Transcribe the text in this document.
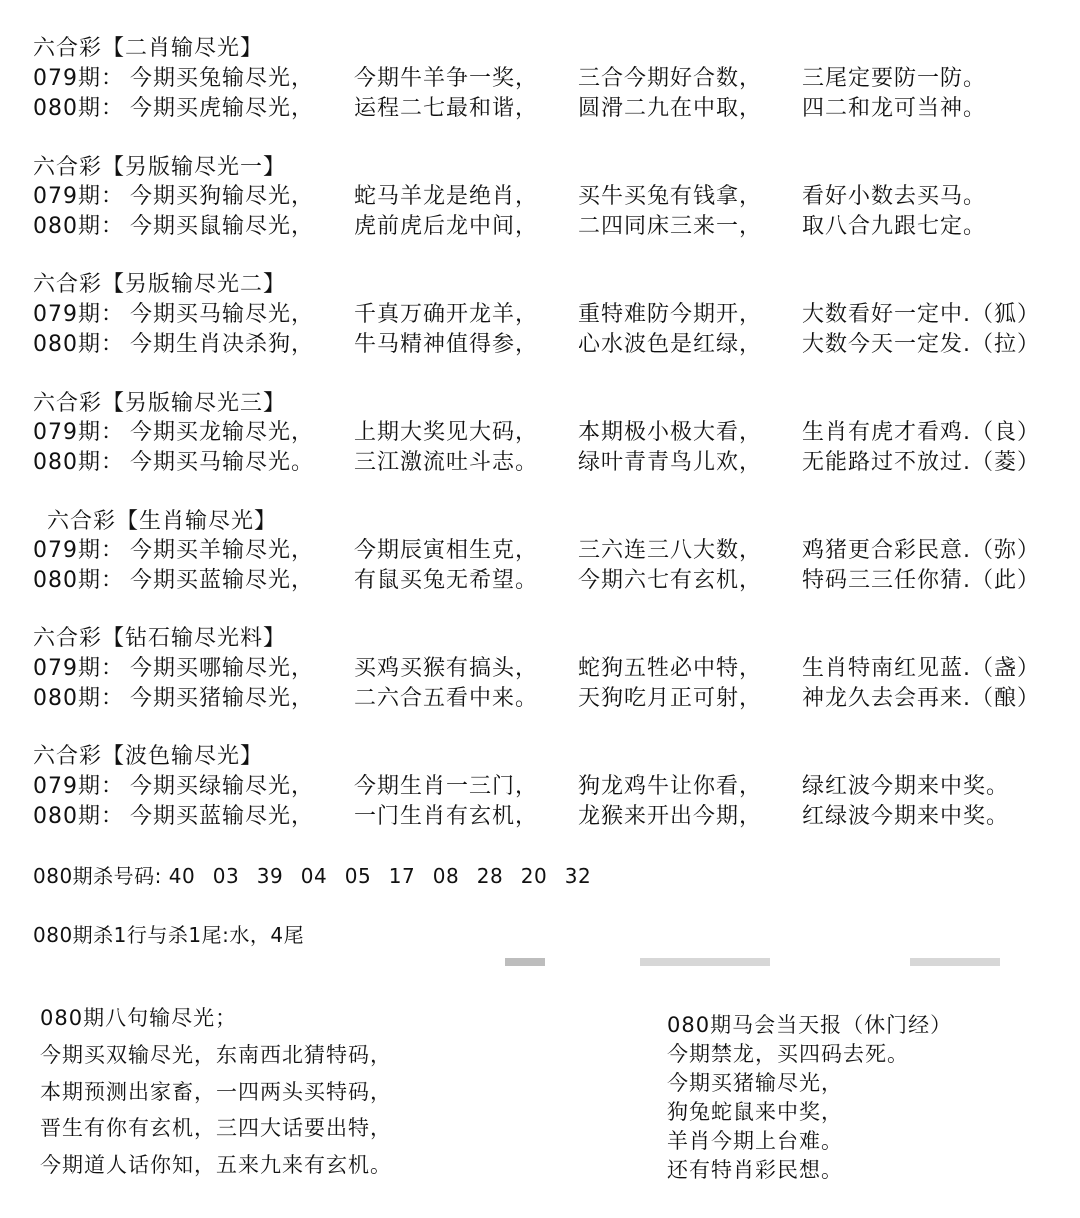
六合彩【二肖输尽光】
079期： 今期买兔输尽光， 今期牛羊争一奖， 三合今期好合数， 三尾定要防一防。
080期： 今期买虎输尽光， 运程二七最和谐， 圆滑二九在中取， 四二和龙可当神。
六合彩【另版输尽光一】
079期： 今期买狗输尽光， 蛇马羊龙是绝肖， 买牛买兔有钱拿， 看好小数去买马。
080期： 今期买鼠输尽光， 虎前虎后龙中间， 二四同床三来一， 取八合九跟七定。
六合彩【另版输尽光二】
079期： 今期买马输尽光， 千真万确开龙羊， 重特难防今期开， 大数看好一定中.（狐）
080期： 今期生肖决杀狗， 牛马精神值得参， 心水波色是红绿， 大数今天一定发.（拉）
六合彩【另版输尽光三】
079期： 今期买龙输尽光， 上期大奖见大码， 本期极小极大看， 生肖有虎才看鸡.（良）
080期： 今期买马输尽光。 三江激流吐斗志。 绿叶青青鸟儿欢， 无能路过不放过.（菱）
六合彩【生肖输尽光】
079期： 今期买羊输尽光， 今期辰寅相生克， 三六连三八大数， 鸡猪更合彩民意.（弥）
080期： 今期买蓝输尽光， 有鼠买兔无希望。 今期六七有玄机， 特码三三任你猜.（此）
六合彩【钻石输尽光料】
079期： 今期买哪输尽光， 买鸡买猴有搞头， 蛇狗五牲必中特， 生肖特南红见蓝.（盏）
080期： 今期买猪输尽光， 二六合五看中来。 天狗吃月正可射， 神龙久去会再来.（酿）
六合彩【波色输尽光】
079期： 今期买绿输尽光， 今期生肖一三门， 狗龙鸡牛让你看， 绿红波今期来中奖。
080期： 今期买蓝输尽光， 一门生肖有玄机， 龙猴来开出今期， 红绿波今期来中奖。
080期杀号码: 40 03 39 04 05 17 08 28 20 32
080期杀1行与杀1尾:水，4尾
080期八句输尽光；
今期买双输尽光，东南西北猜特码，
本期预测出家畜，一四两头买特码，
晋生有你有玄机，三四大话要出特，
今期道人话你知，五来九来有玄机。
080期马会当天报（休门经）
今期禁龙，买四码去死。
今期买猪输尽光，
狗兔蛇鼠来中奖，
羊肖今期上台难。
还有特肖彩民想。
